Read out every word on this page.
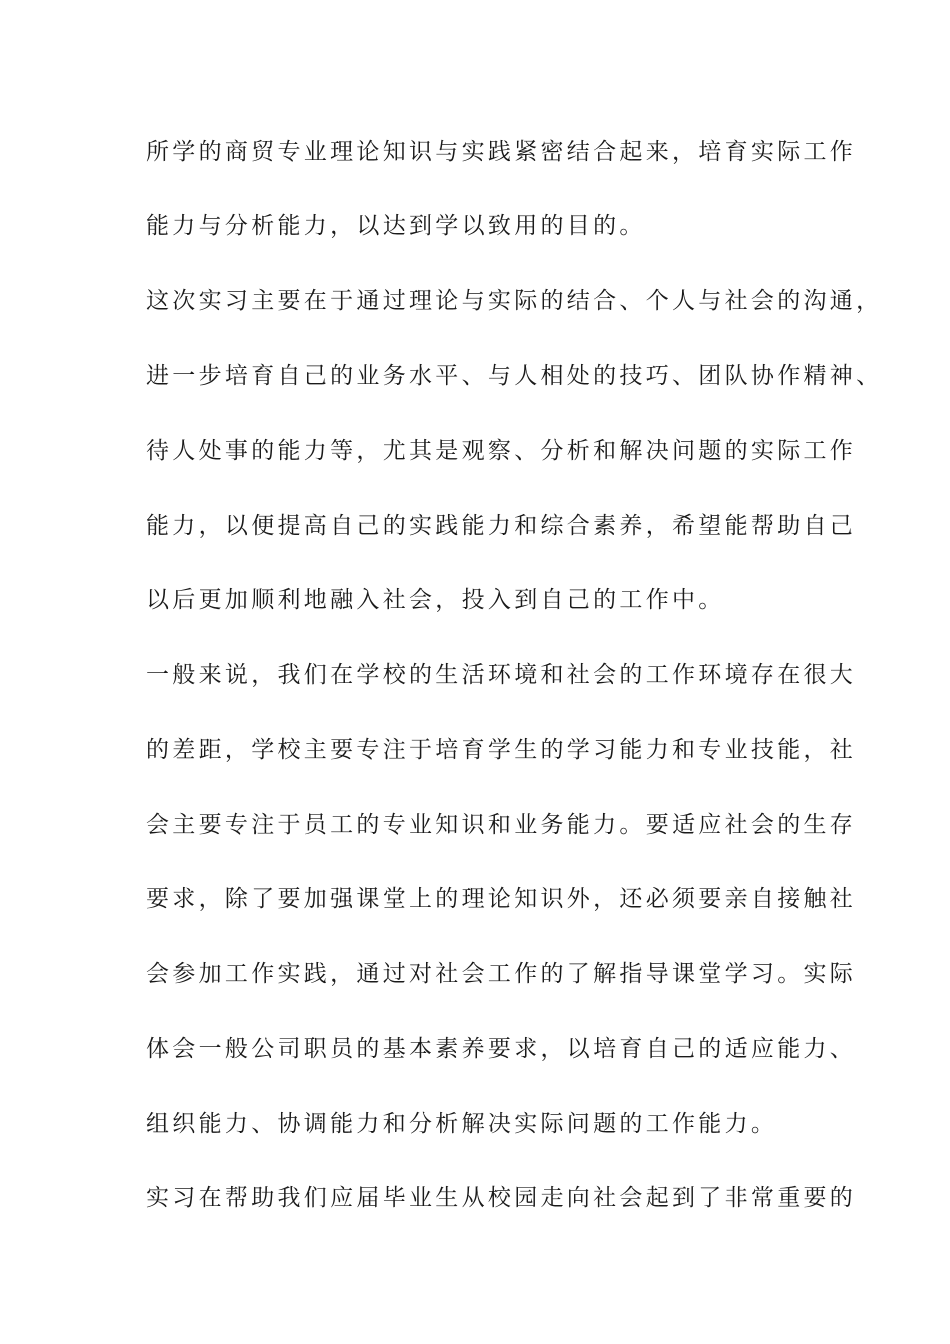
所学的商贸专业理论知识与实践紧密结合起来，培育实际工作

能力与分析能力，以达到学以致用的目的。

这次实习主要在于通过理论与实际的结合、个人与社会的沟通，

进一步培育自己的业务水平、与人相处的技巧、团队协作精神、

待人处事的能力等，尤其是观察、分析和解决问题的实际工作

能力，以便提高自己的实践能力和综合素养，希望能帮助自己

以后更加顺利地融入社会，投入到自己的工作中。

一般来说，我们在学校的生活环境和社会的工作环境存在很大

的差距，学校主要专注于培育学生的学习能力和专业技能，社

会主要专注于员工的专业知识和业务能力。要适应社会的生存

要求，除了要加强课堂上的理论知识外，还必须要亲自接触社

会参加工作实践，通过对社会工作的了解指导课堂学习。实际

体会一般公司职员的基本素养要求，以培育自己的适应能力、

组织能力、协调能力和分析解决实际问题的工作能力。

实习在帮助我们应届毕业生从校园走向社会起到了非常重要的
